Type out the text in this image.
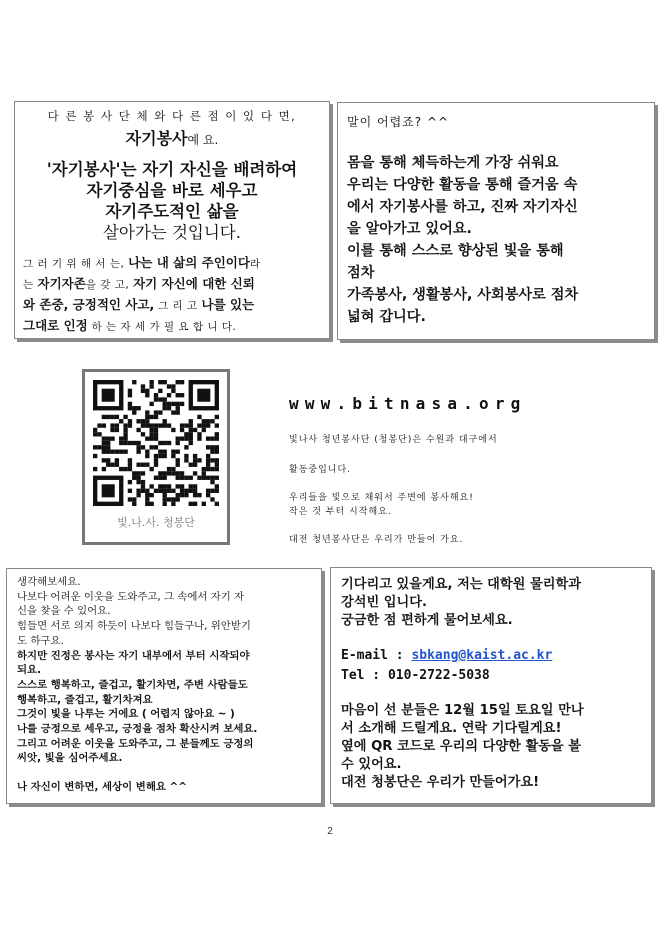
다 른 봉 사 단 체 와 다 른 점 이 있 다 면,
자기봉사예 요.
'자기봉사'는 자기 자신을 배려하여
자기중심을 바로 세우고
자기주도적인 삶을
살아가는 것입니다.
그 러 기 위 해 서 는, 나는 내 삶의 주인이다라
는 자기자존을 갖 고, 자기 자신에 대한 신뢰
와 존중, 긍정적인 사고, 그 리 고 나를 있는
그대로 인정 하 는 자 세 가 필 요 합 니 다.
말이 어렵죠? ^^
몸을 통해 체득하는게 가장 쉬워요
우리는 다양한 활동을 통해 즐거움 속
에서 자기봉사를 하고, 진짜 자기자신
을 알아가고 있어요.
이를 통해 스스로 향상된 빛을 통해
점차
가족봉사, 생활봉사, 사회봉사로 점차
넓혀 갑니다.
빛.나.사. 청봉단
www.bitnasa.org
빛나사 청년봉사단 (청봉단)은 수원과 대구에서
활동중입니다.
우리들을 빛으로 채워서 주변에 봉사해요!
작은 것 부터 시작해요.
대전 청년봉사단은 우리가 만들어 가요.
생각해보세요.
나보다 어려운 이웃을 도와주고, 그 속에서 자기 자
신을 찾을 수 있어요.
힘들면 서로 의지 하듯이 나보다 힘들구나, 위안받기
도 하구요.
하지만 진정은 봉사는 자기 내부에서 부터 시작되야
되요.
스스로 행복하고, 즐겁고, 활기차면, 주변 사람들도
행복하고, 즐겁고, 활기차져요
그것이 빛을 나투는 거에요 ( 어렵지 않아요 ~ )
나를 긍정으로 세우고, 긍정을 점차 확산시켜 보세요.
그리고 어려운 이웃을 도와주고, 그 분들께도 긍정의
씨앗, 빛을 심어주세요.
나 자신이 변하면, 세상이 변해요 ^^
기다리고 있을게요, 저는 대학원 물리학과
강석빈 입니다.
궁금한 점 편하게 물어보세요.
E-mail : sbkang@kaist.ac.kr
Tel : 010-2722-5038
마음이 선 분들은 12월 15일 토요일 만나
서 소개해 드릴게요. 연락 기다릴게요!
옆에 QR 코드로 우리의 다양한 활동을 볼
수 있어요.
대전 청봉단은 우리가 만들어가요!
2
